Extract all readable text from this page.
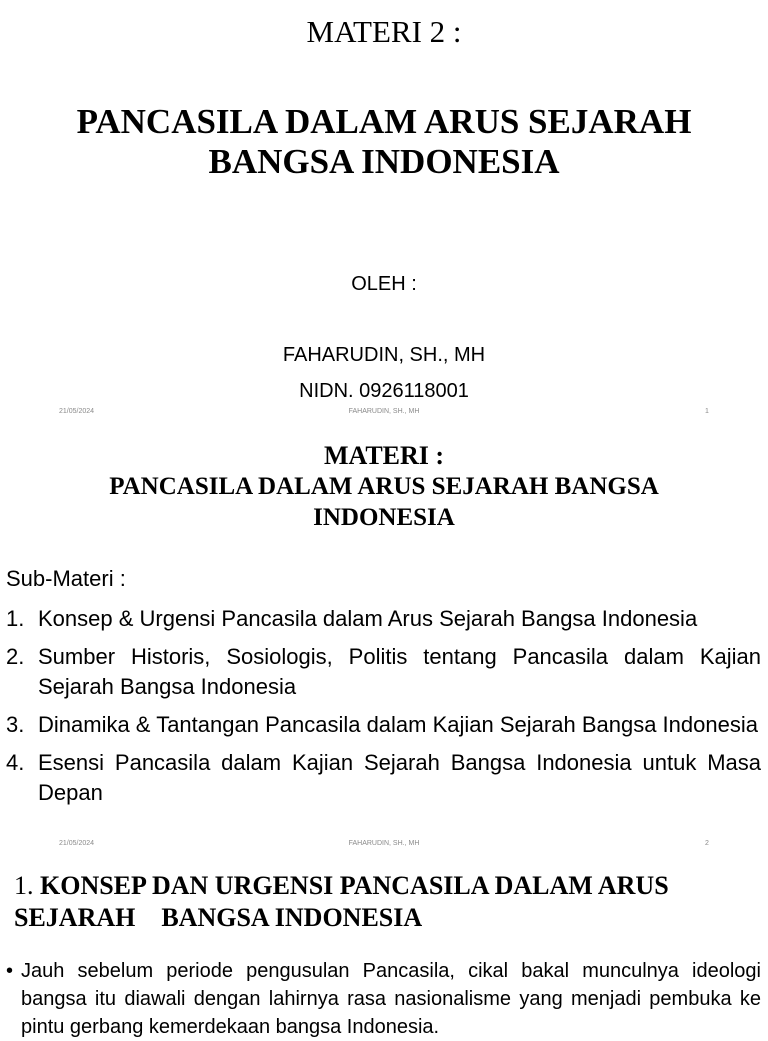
MATERI 2 :
PANCASILA DALAM ARUS SEJARAH
BANGSA INDONESIA
OLEH :
FAHARUDIN, SH., MH
NIDN. 0926118001
21/05/2024	FAHARUDIN, SH., MH	1
MATERI :
PANCASILA DALAM ARUS SEJARAH BANGSA
INDONESIA
Sub-Materi :
1. Konsep & Urgensi Pancasila dalam Arus Sejarah Bangsa Indonesia
2. Sumber Historis, Sosiologis, Politis tentang Pancasila dalam Kajian Sejarah Bangsa Indonesia
3. Dinamika & Tantangan Pancasila dalam Kajian Sejarah Bangsa Indonesia
4. Esensi Pancasila dalam Kajian Sejarah Bangsa Indonesia untuk Masa Depan
21/05/2024	FAHARUDIN, SH., MH	2
1. KONSEP DAN URGENSI PANCASILA DALAM ARUS
SEJARAH    BANGSA INDONESIA
• Jauh sebelum periode pengusulan Pancasila, cikal bakal munculnya ideologi bangsa itu diawali dengan lahirnya rasa nasionalisme yang menjadi pembuka ke pintu gerbang kemerdekaan bangsa Indonesia.
